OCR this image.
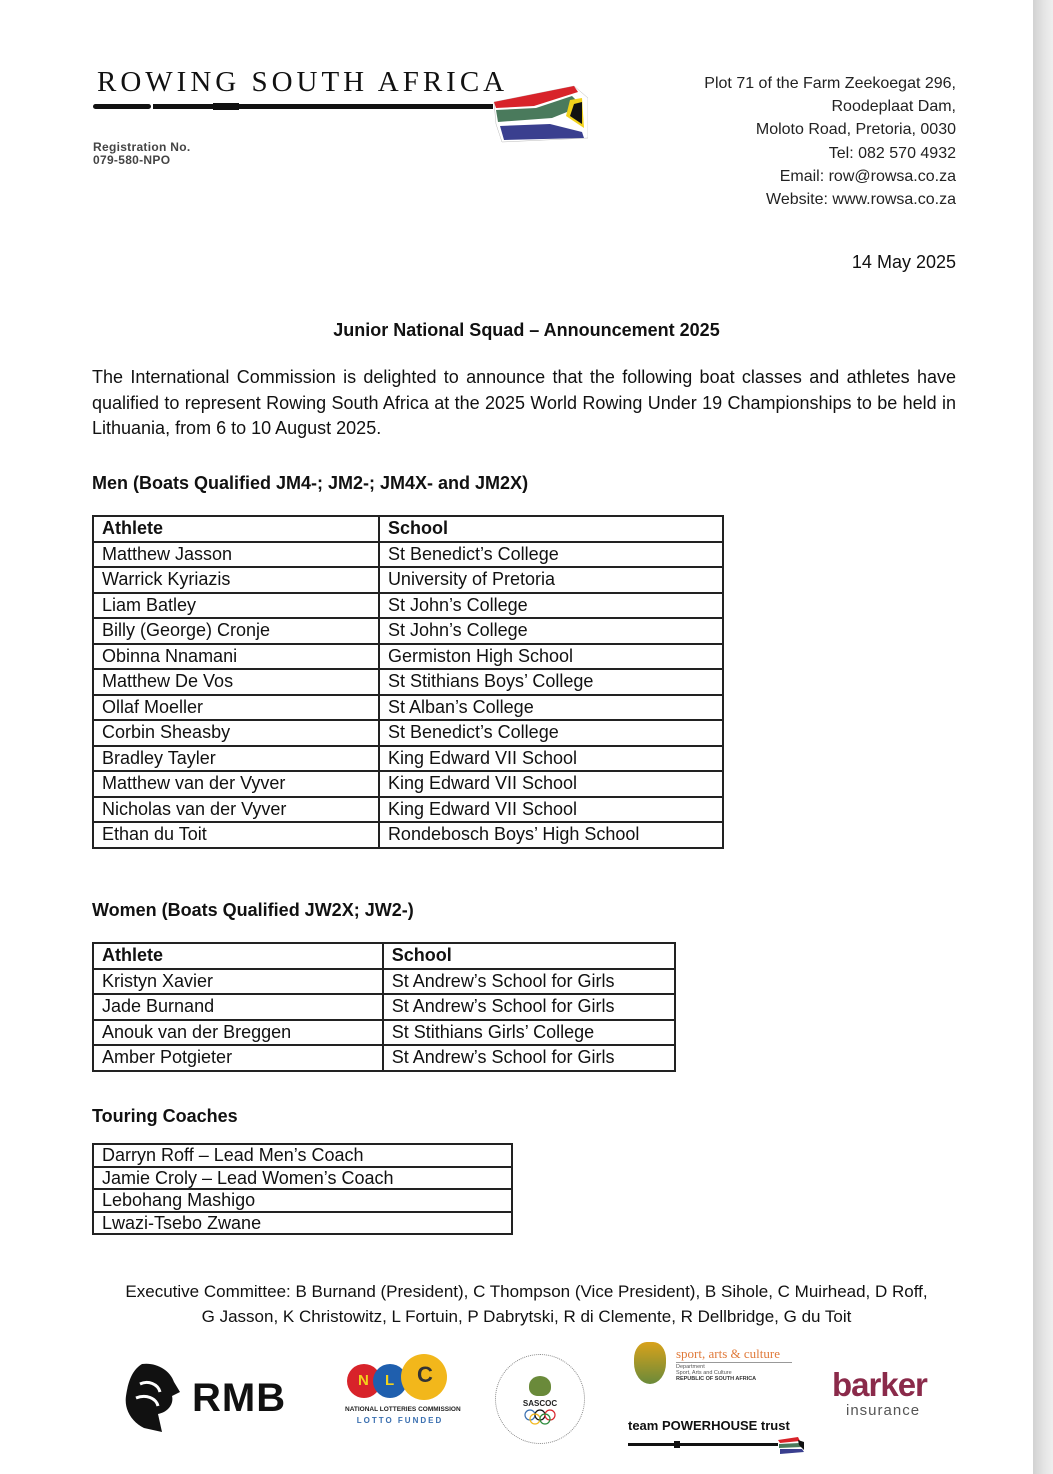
ROWING SOUTH AFRICA
Registration No.
079-580-NPO
Plot 71 of the Farm Zeekoegat 296,
Roodeplaat Dam,
Moloto Road, Pretoria, 0030
Tel: 082 570 4932
Email: row@rowsa.co.za
Website: www.rowsa.co.za
14 May 2025
Junior National Squad – Announcement 2025
The International Commission is delighted to announce that the following boat classes and athletes have qualified to represent Rowing South Africa at the 2025 World Rowing Under 19 Championships to be held in Lithuania, from 6 to 10 August 2025.
Men (Boats Qualified JM4-; JM2-; JM4X- and JM2X)
Athlete	School
Matthew Jasson	St Benedict’s College
Warrick Kyriazis	University of Pretoria
Liam Batley	St John’s College
Billy (George) Cronje	St John’s College
Obinna Nnamani	Germiston High School
Matthew De Vos	St Stithians Boys’ College
Ollaf Moeller	St Alban’s College
Corbin Sheasby	St Benedict’s College
Bradley Tayler	King Edward VII School
Matthew van der Vyver	King Edward VII School
Nicholas van der Vyver	King Edward VII School
Ethan du Toit	Rondebosch Boys’ High School
Women (Boats Qualified JW2X; JW2-)
Athlete	School
Kristyn Xavier	St Andrew’s School for Girls
Jade Burnand	St Andrew’s School for Girls
Anouk van der Breggen	St Stithians Girls’ College
Amber Potgieter	St Andrew’s School for Girls
Touring Coaches
Darryn Roff – Lead Men’s Coach
Jamie Croly – Lead Women’s Coach
Lebohang Mashigo
Lwazi-Tsebo Zwane
Executive Committee: B Burnand (President), C Thompson (Vice President), B Sihole, C Muirhead, D Roff,
G Jasson, K Christowitz, L Fortuin, P Dabrytski, R di Clemente, R Dellbridge, G du Toit
RMB	N L C
NATIONAL LOTTERIES COMMISSION
LOTTO FUNDED
SASCOC
sport, arts & culture
Department
Sport, Arts and Culture
REPUBLIC OF SOUTH AFRICA
team POWERHOUSE trust
barker
insurance
